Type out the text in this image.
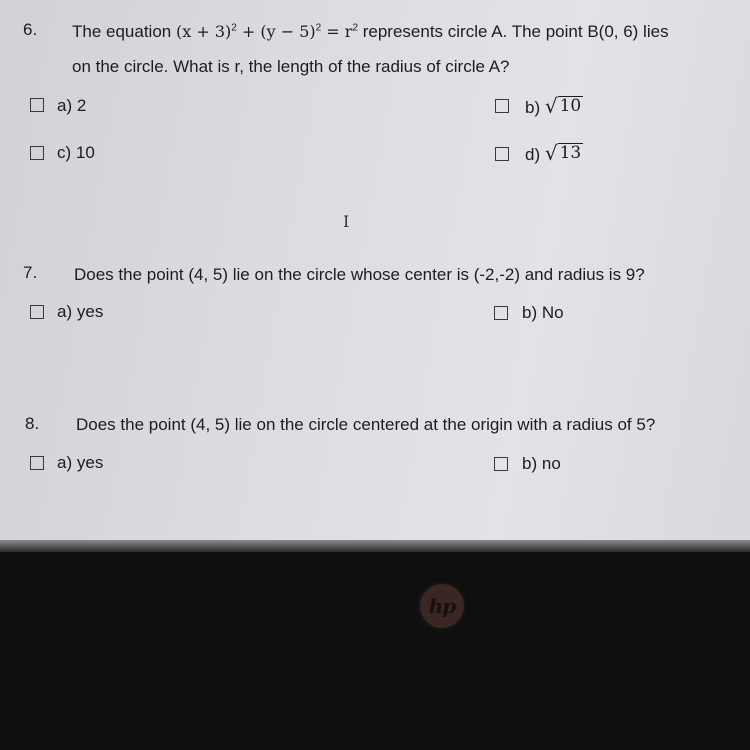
6. The equation $(x + 3)^2 + (y - 5)^2 = r^2$ represents circle A. The point B(0, 6) lies
on the circle. What is r, the length of the radius of circle A?
a) 2	b) √ 10
c) 10	d) √ 13
I
7. Does the point (4, 5) lie on the circle whose center is (-2,-2) and radius is 9?
a) yes	b) No
8. Does the point (4, 5) lie on the circle centered at the origin with a radius of 5?
a) yes	b) no
hp
